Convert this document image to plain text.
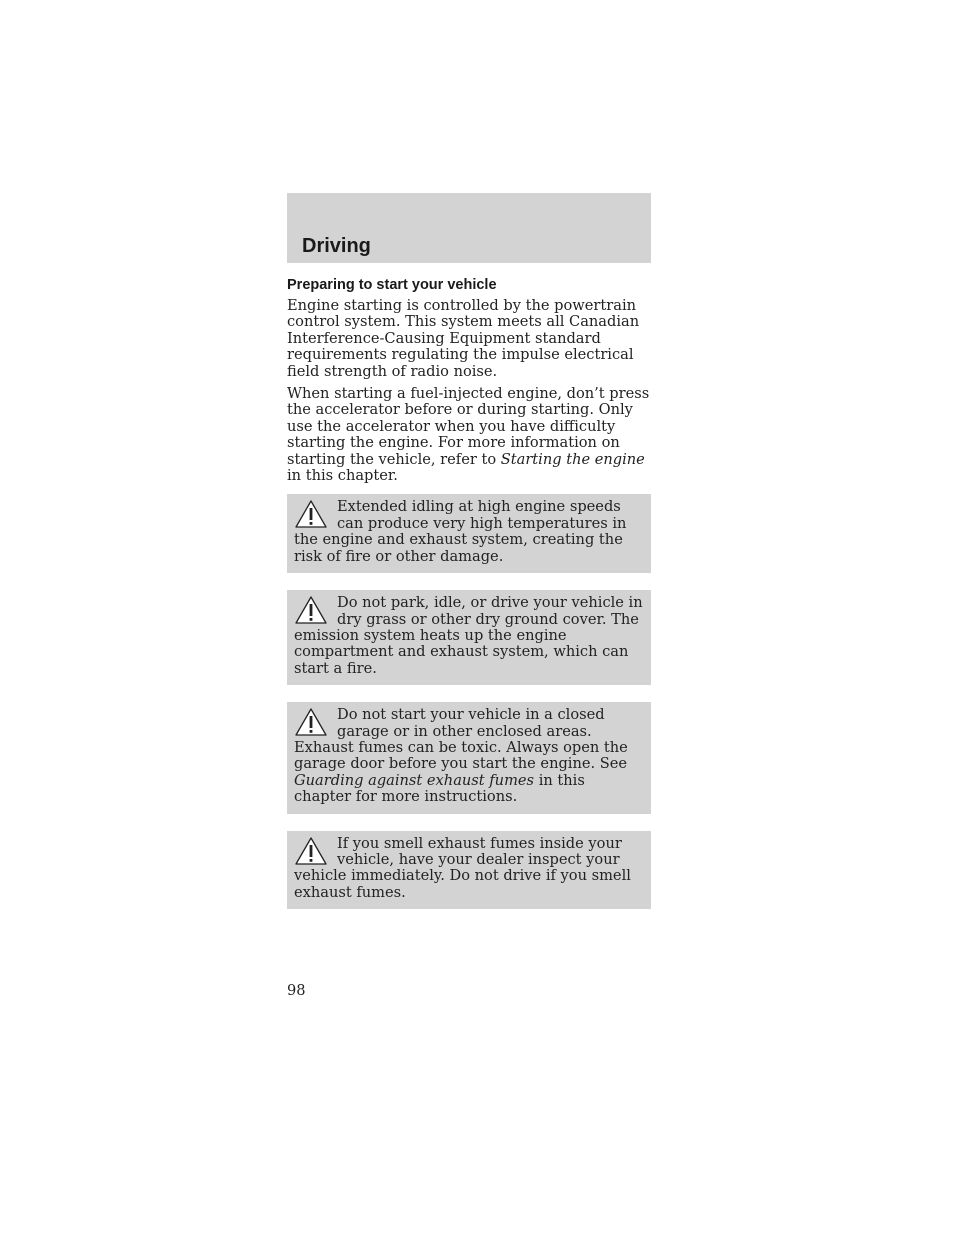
Driving
Preparing to start your vehicle
Engine starting is controlled by the powertrain control system. This system meets all Canadian Interference-Causing Equipment standard requirements regulating the impulse electrical field strength of radio noise.
When starting a fuel-injected engine, don’t press the accelerator before or during starting. Only use the accelerator when you have difficulty starting the engine. For more information on starting the vehicle, refer to Starting the engine in this chapter.
Extended idling at high engine speeds can produce very high temperatures in the engine and exhaust system, creating the risk of fire or other damage.
Do not park, idle, or drive your vehicle in dry grass or other dry ground cover. The emission system heats up the engine compartment and exhaust system, which can start a fire.
Do not start your vehicle in a closed garage or in other enclosed areas. Exhaust fumes can be toxic. Always open the garage door before you start the engine. See Guarding against exhaust fumes in this chapter for more instructions.
If you smell exhaust fumes inside your vehicle, have your dealer inspect your vehicle immediately. Do not drive if you smell exhaust fumes.
98
